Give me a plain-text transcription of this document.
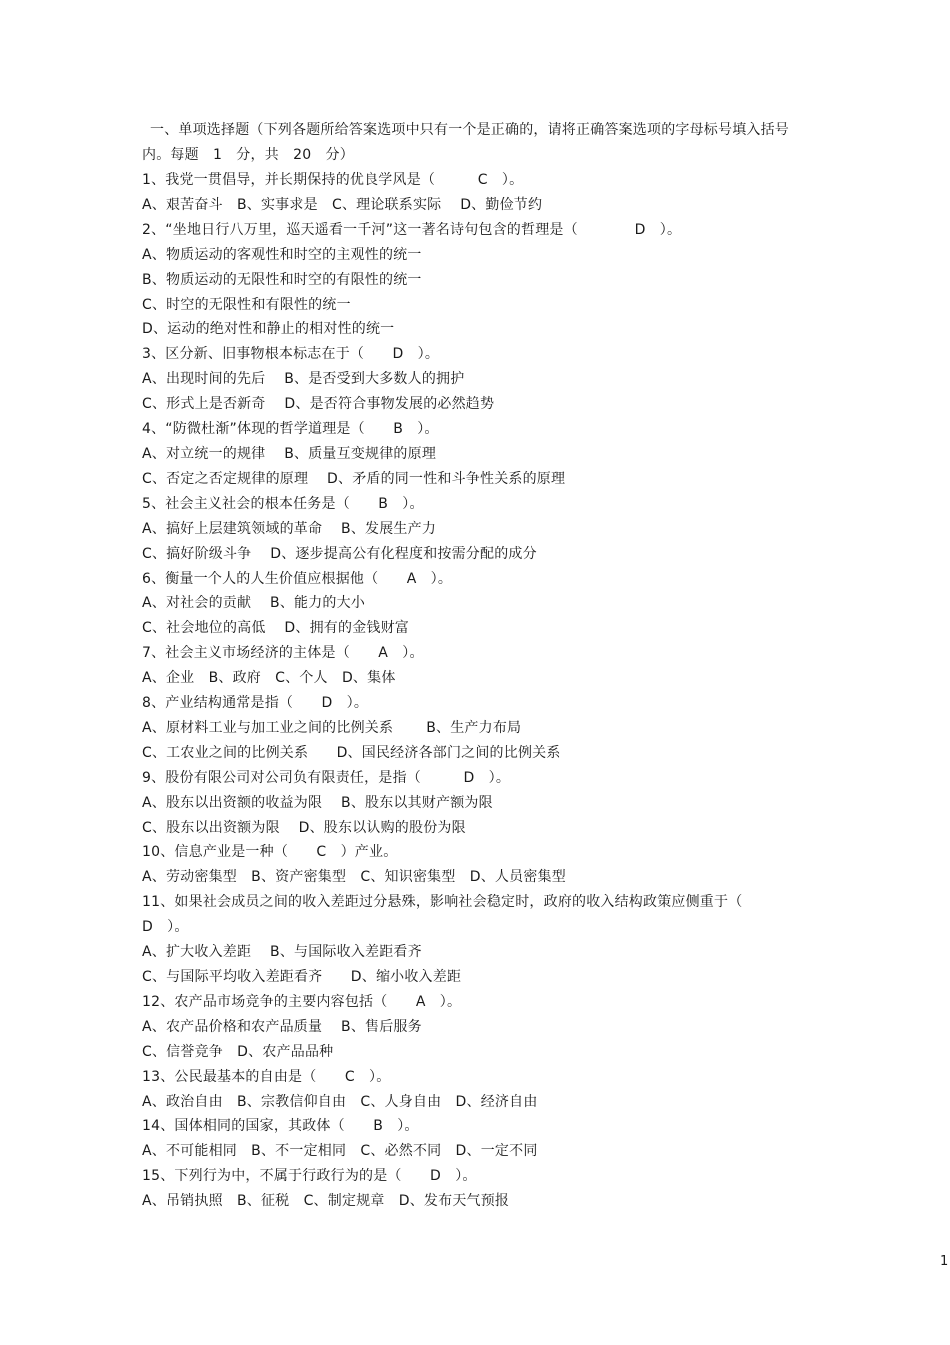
一、单项选择题（下列各题所给答案选项中只有一个是正确的，请将正确答案选项的字母标号填入括号内。每题　1　分，共　20　分）
1、我党一贯倡导，并长期保持的优良学风是（　　　C　）。
A、艰苦奋斗　B、实事求是　C、理论联系实际　 D、勤俭节约
2、“坐地日行八万里，巡天遥看一千河”这一著名诗句包含的哲理是（　　　　D　）。
A、物质运动的客观性和时空的主观性的统一
B、物质运动的无限性和时空的有限性的统一
C、时空的无限性和有限性的统一
D、运动的绝对性和静止的相对性的统一
3、区分新、旧事物根本标志在于（　　D　）。
A、出现时间的先后　 B、是否受到大多数人的拥护
C、形式上是否新奇　 D、是否符合事物发展的必然趋势
4、“防微杜渐”体现的哲学道理是（　　B　）。
A、对立统一的规律　 B、质量互变规律的原理
C、否定之否定规律的原理　 D、矛盾的同一性和斗争性关系的原理
5、社会主义社会的根本任务是（　　B　）。
A、搞好上层建筑领域的革命　 B、发展生产力
C、搞好阶级斗争　 D、逐步提高公有化程度和按需分配的成分
6、衡量一个人的人生价值应根据他（　　A　）。
A、对社会的贡献　 B、能力的大小
C、社会地位的高低　 D、拥有的金钱财富
7、社会主义市场经济的主体是（　　A　）。
A、企业　B、政府　C、个人　D、集体
8、产业结构通常是指（　　D　）。
A、原材料工业与加工业之间的比例关系　　 B、生产力布局
C、工农业之间的比例关系　　D、国民经济各部门之间的比例关系
9、股份有限公司对公司负有限责任，是指（　　　D　）。
A、股东以出资额的收益为限　 B、股东以其财产额为限
C、股东以出资额为限　 D、股东以认购的股份为限
10、信息产业是一种（　　C　）产业。
A、劳动密集型　B、资产密集型　C、知识密集型　D、人员密集型
11、如果社会成员之间的收入差距过分悬殊，影响社会稳定时，政府的收入结构政策应侧重于（　D　）。
A、扩大收入差距　 B、与国际收入差距看齐
C、与国际平均收入差距看齐　　D、缩小收入差距
12、农产品市场竞争的主要内容包括（　　A　）。
A、农产品价格和农产品质量　 B、售后服务
C、信誉竞争　D、农产品品种
13、公民最基本的自由是（　　C　）。
A、政治自由　B、宗教信仰自由　C、人身自由　D、经济自由
14、国体相同的国家，其政体（　　B　）。
A、不可能相同　B、不一定相同　C、必然不同　D、一定不同
15、下列行为中，不属于行政行为的是（　　D　）。
A、吊销执照　B、征税　C、制定规章　D、发布天气预报
1
